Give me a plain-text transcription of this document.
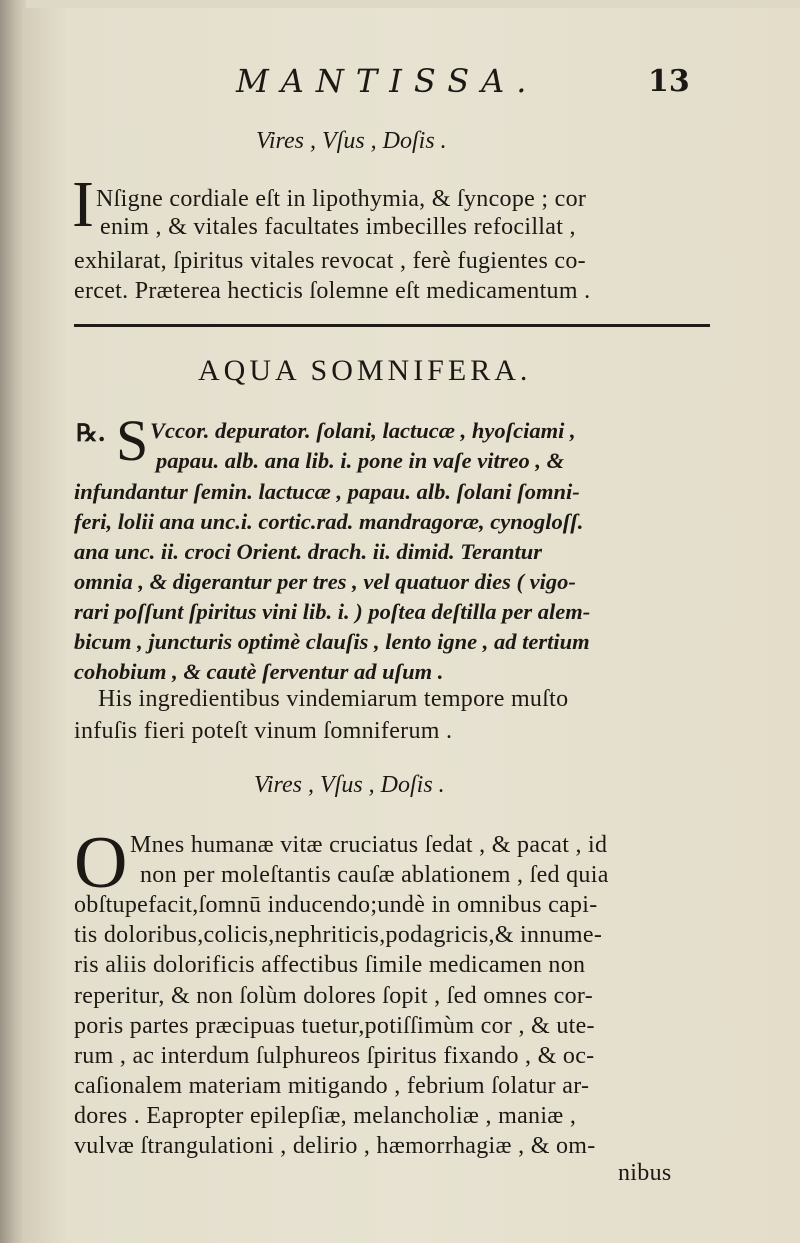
MANTISSA.	13
Vires , Vſus , Doſis .
I Nſigne cordiale eſt in lipothymia, & ſyncope ; cor
enim , & vitales facultates imbecilles refocillat ,
exhilarat, ſpiritus vitales revocat , ferè fugientes co-
ercet. Præterea hecticis ſolemne eſt medicamentum .
AQUA SOMNIFERA.
℞. S Vccor. depurator. ſolani, lactucæ , hyoſciami ,
papau. alb. ana lib. i. pone in vaſe vitreo , &
infundantur ſemin. lactucæ , papau. alb. ſolani ſomni-
feri, lolii ana unc.i. cortic.rad. mandragoræ, cynogloſſ.
ana unc. ii. croci Orient. drach. ii. dimid. Terantur
omnia , & digerantur per tres , vel quatuor dies ( vigo-
rari poſſunt ſpiritus vini lib. i. ) poſtea deſtilla per alem-
bicum , juncturis optimè clauſis , lento igne , ad tertium
cohobium , & cautè ſerventur ad uſum .
His ingredientibus vindemiarum tempore muſto
infuſis fieri poteſt vinum ſomniferum .
Vires , Vſus , Doſis .
O Mnes humanæ vitæ cruciatus ſedat , & pacat , id
non per moleſtantis cauſæ ablationem , ſed quia
obſtupefacit,ſomnū inducendo;undè in omnibus capi-
tis doloribus,colicis,nephriticis,podagricis,& innume-
ris aliis dolorificis affectibus ſimile medicamen non
reperitur, & non ſolùm dolores ſopit , ſed omnes cor-
poris partes præcipuas tuetur,potiſſimùm cor , & ute-
rum , ac interdum ſulphureos ſpiritus fixando , & oc-
caſionalem materiam mitigando , febrium ſolatur ar-
dores . Eapropter epilepſiæ, melancholiæ , maniæ ,
vulvæ ſtrangulationi , delirio , hæmorrhagiæ , & om-
nibus
